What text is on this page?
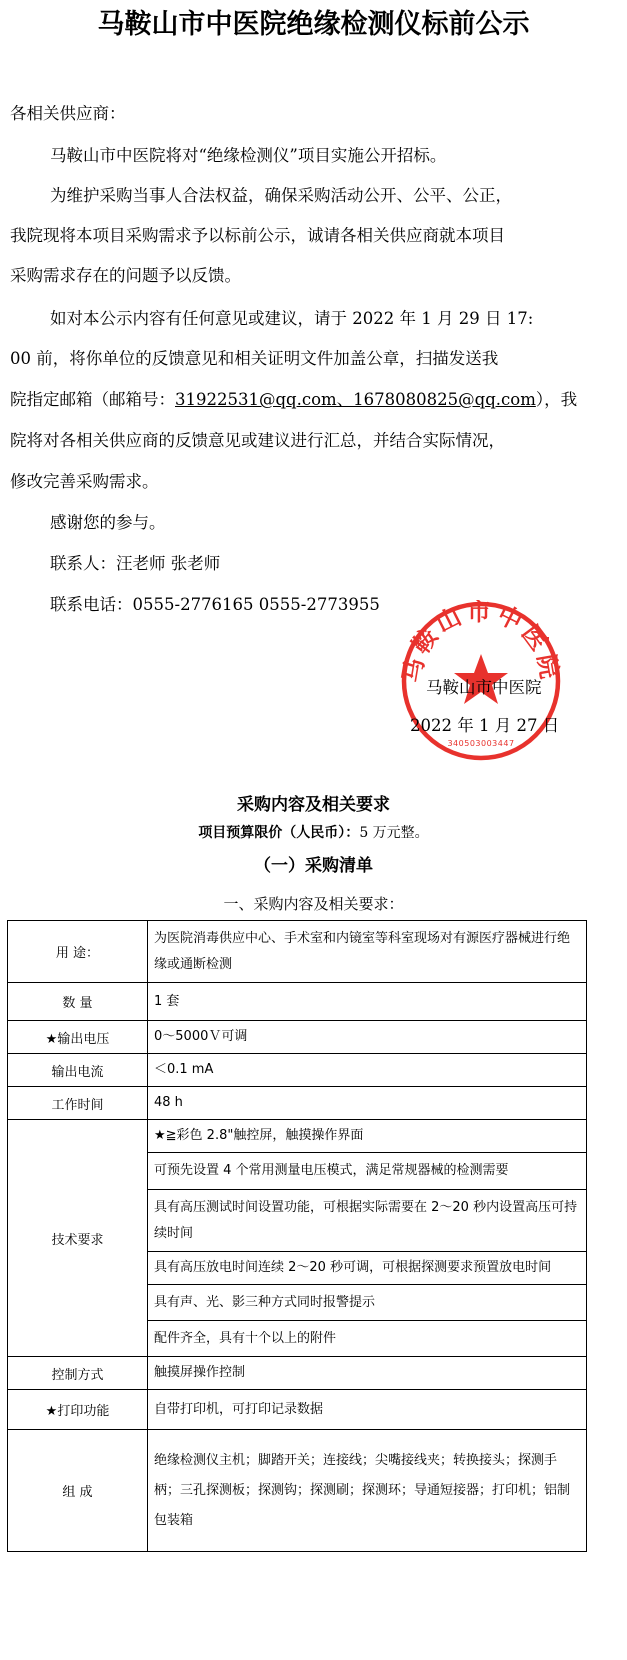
马鞍山市中医院绝缘检测仪标前公示
各相关供应商：
马鞍山市中医院将对“绝缘检测仪”项目实施公开招标。
为维护采购当事人合法权益，确保采购活动公开、公平、公正，
我院现将本项目采购需求予以标前公示，诚请各相关供应商就本项目
采购需求存在的问题予以反馈。
如对本公示内容有任何意见或建议，请于 2022 年 1 月 29 日 17:
00 前，将你单位的反馈意见和相关证明文件加盖公章，扫描发送我
院指定邮箱（邮箱号：31922531@qq.com、1678080825@qq.com），我
院将对各相关供应商的反馈意见或建议进行汇总，并结合实际情况，
修改完善采购需求。
感谢您的参与。
联系人：汪老师 张老师
联系电话：0555-2776165 0555-2773955
马鞍山市中医院
340503003447
马鞍山市中医院
2022 年 1 月 27 日
采购内容及相关要求
项目预算限价（人民币）：5 万元整。
（一）采购清单
一、采购内容及相关要求：
用 途：	为医院消毒供应中心、手术室和内镜室等科室现场对有源医疗器械进行绝缘或通断检测
数 量	1 套
★输出电压	0～5000Ｖ可调
输出电流	＜0.1 mA
工作时间	48 h
技术要求	★≧彩色 2.8"触控屏，触摸操作界面
	可预先设置 4 个常用测量电压模式，满足常规器械的检测需要
	具有高压测试时间设置功能，可根据实际需要在 2～20 秒内设置高压可持续时间
	具有高压放电时间连续 2～20 秒可调，可根据探测要求预置放电时间
	具有声、光、影三种方式同时报警提示
	配件齐全，具有十个以上的附件
控制方式	触摸屏操作控制
★打印功能	自带打印机，可打印记录数据
组 成	绝缘检测仪主机；脚踏开关；连接线；尖嘴接线夹；转换接头；探测手柄；三孔探测板；探测钩；探测刷；探测环；导通短接器；打印机；铝制包装箱
